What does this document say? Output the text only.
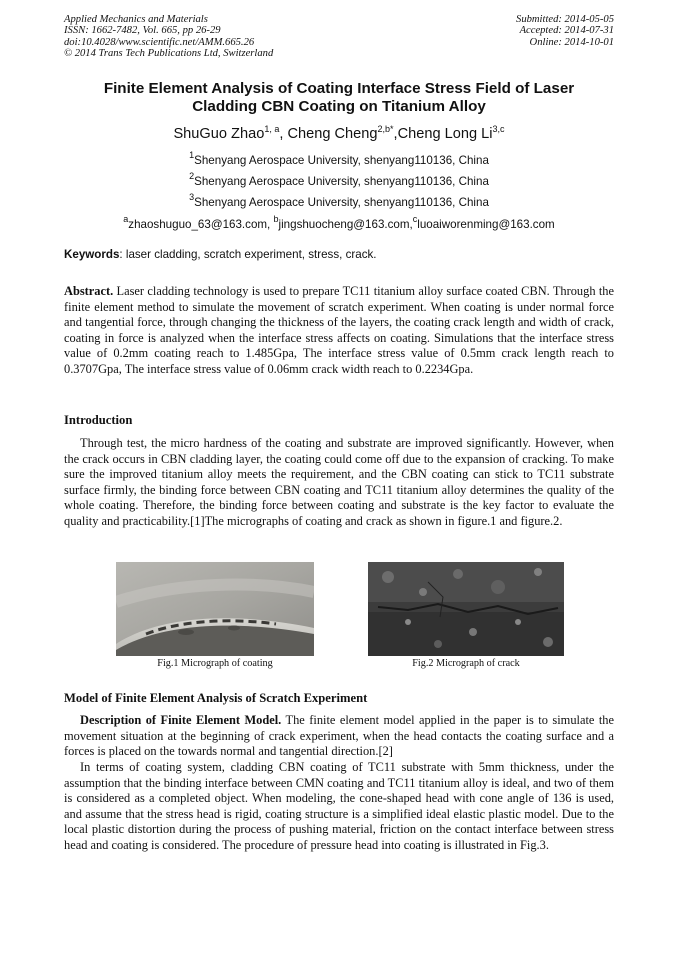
Applied Mechanics and Materials
ISSN: 1662-7482, Vol. 665, pp 26-29
doi:10.4028/www.scientific.net/AMM.665.26
© 2014 Trans Tech Publications Ltd, Switzerland
Submitted: 2014-05-05
Accepted: 2014-07-31
Online: 2014-10-01
Finite Element Analysis of Coating Interface Stress Field of Laser
Cladding CBN Coating on Titanium Alloy
ShuGuo Zhao$^{1, a}$, Cheng Cheng$^{2,b*}$,Cheng Long Li$^{3,c}$
$^1$Shenyang Aerospace University, shenyang110136, China
$^2$Shenyang Aerospace University, shenyang110136, China
$^3$Shenyang Aerospace University, shenyang110136, China
$^a$zhaoshuguo_63@163.com, $^b$jingshuocheng@163.com,$^c$luoaiworenming@163.com
Keywords: laser cladding, scratch experiment, stress, crack.

Abstract. Laser cladding technology is used to prepare TC11 titanium alloy surface coated CBN. Through the finite element method to simulate the movement of scratch experiment. When coating is under normal force and tangential force, through changing the thickness of the layers, the coating crack length and width of crack, coating in force is analyzed when the interface stress affects on coating. Simulations that the interface stress value of 0.2mm coating reach to 1.485Gpa, The interface stress value of 0.5mm crack length reach to 0.3707Gpa, The interface stress value of 0.06mm crack width reach to 0.2234Gpa.

Introduction

Through test, the micro hardness of the coating and substrate are improved significantly. However, when the crack occurs in CBN cladding layer, the coating could come off due to the expansion of cracking. To make sure the improved titanium alloy meets the requirement, and the CBN coating can stick to TC11 substrate surface firmly, the binding force between CBN coating and TC11 titanium alloy determines the quality of the whole coating. Therefore, the binding force between coating and substrate is the key factor to evaluate the quality and practicability.[1]The micrographs of coating and crack as shown in figure.1 and figure.2.

Fig.1 Micrograph of coating	Fig.2 Micrograph of crack
Model of Finite Element Analysis of Scratch Experiment

Description of Finite Element Model. The finite element model applied in the paper is to simulate the movement situation at the beginning of crack experiment, when the head contacts the coating surface and a forces is placed on the towards normal and tangential direction.[2]

In terms of coating system, cladding CBN coating of TC11 substrate with 5mm thickness, under the assumption that the binding interface between CMN coating and TC11 titanium alloy is ideal, and two of them is considered as a completed object. When modeling, the cone-shaped head with cone angle of 136 is used, and assume that the stress head is rigid, coating structure is a simplified ideal elastic plastic model. Due to the local plastic distortion during the process of pushing material, friction on the contact interface between stress head and coating is considered. The procedure of pressure head into coating is illustrated in Fig.3.
